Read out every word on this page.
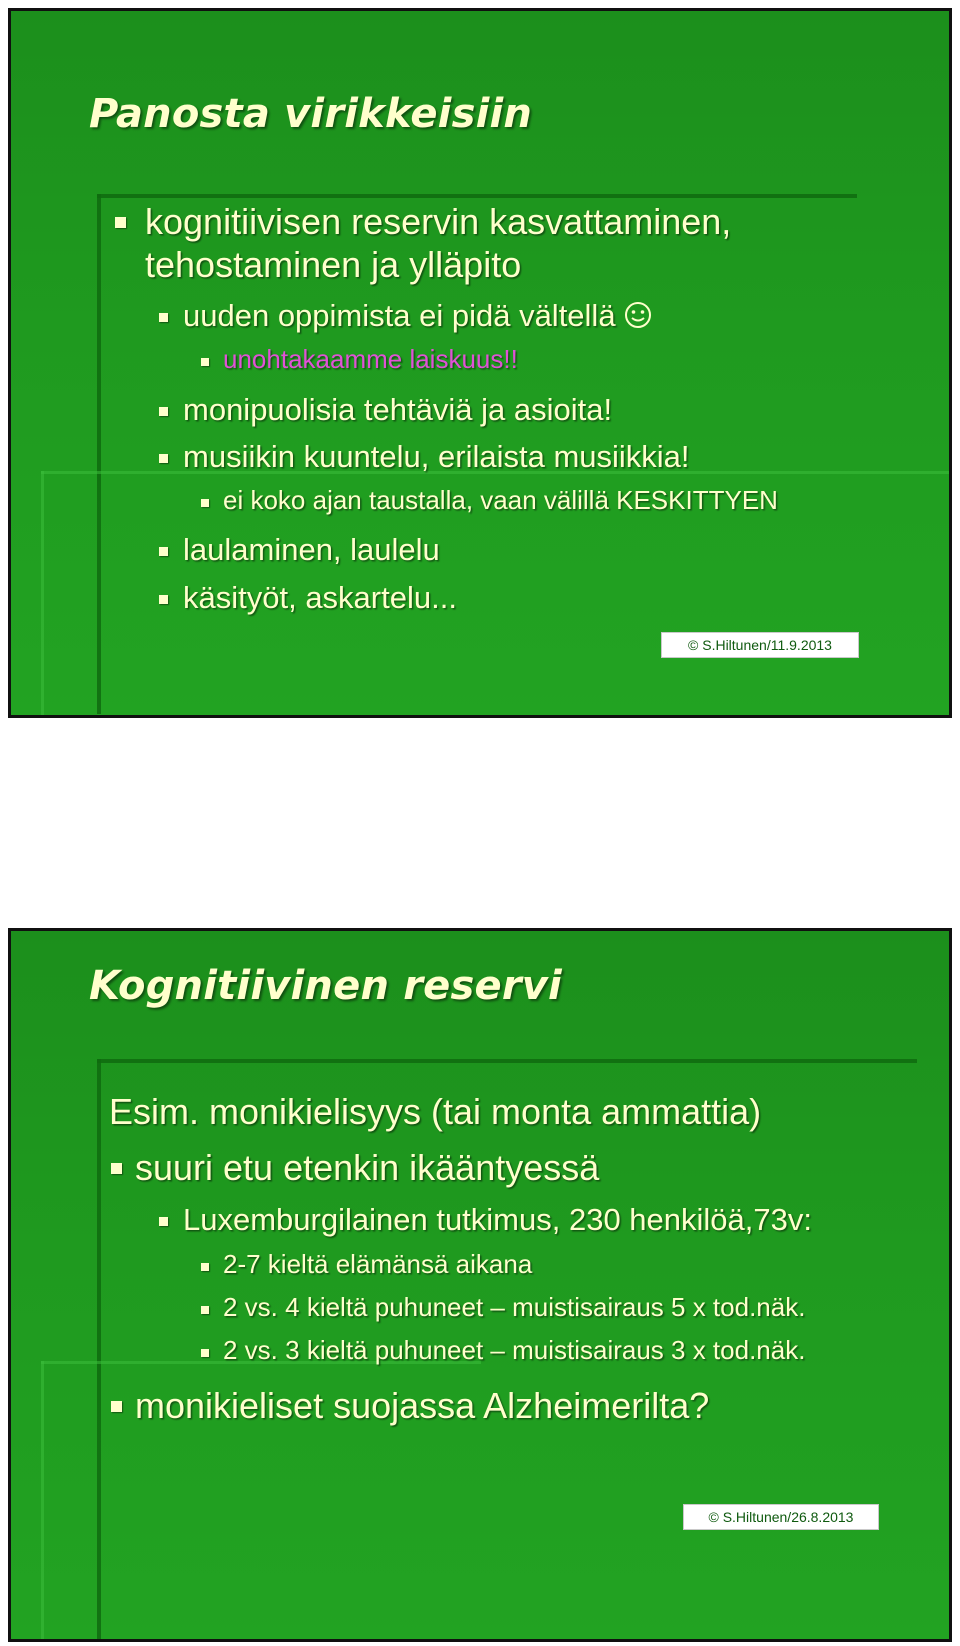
Panosta virikkeisiin
kognitiivisen reservin kasvattaminen,
tehostaminen ja ylläpito
uuden oppimista ei pidä vältellä
unohtakaamme laiskuus!!
monipuolisia tehtäviä ja asioita!
musiikin kuuntelu, erilaista musiikkia!
ei koko ajan taustalla, vaan välillä KESKITTYEN
laulaminen, laulelu
käsityöt, askartelu...
© S.Hiltunen/11.9.2013
Kognitiivinen reservi
Esim. monikielisyys (tai monta ammattia)
suuri etu etenkin ikääntyessä
Luxemburgilainen tutkimus, 230 henkilöä,73v:
2-7 kieltä elämänsä aikana
2 vs. 4 kieltä puhuneet – muistisairaus 5 x tod.näk.
2 vs. 3 kieltä puhuneet – muistisairaus 3 x tod.näk.
monikieliset suojassa Alzheimerilta?
© S.Hiltunen/26.8.2013
